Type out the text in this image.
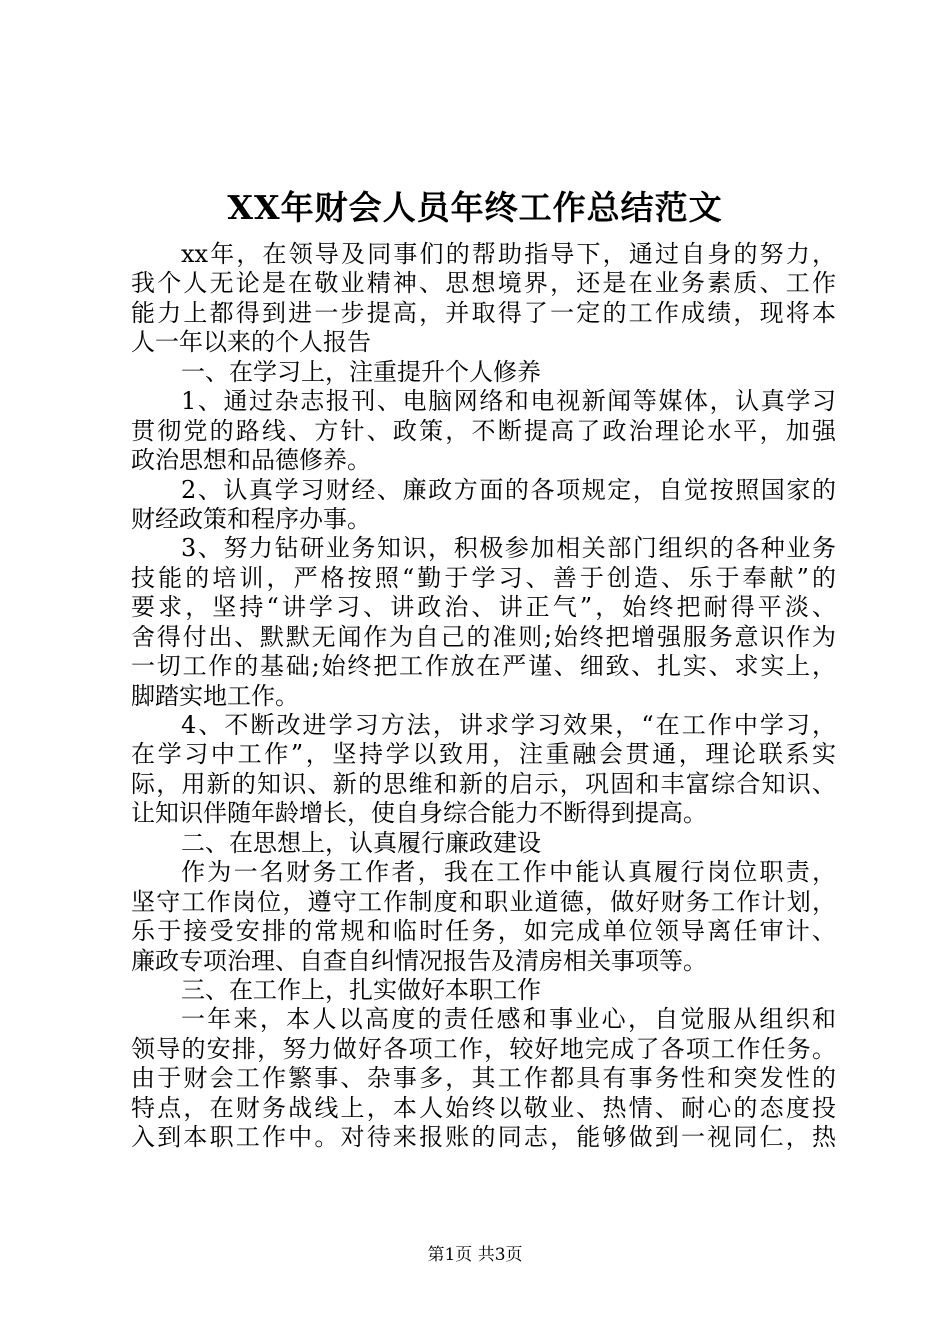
XX年财会人员年终工作总结范文
xx年，在领导及同事们的帮助指导下，通过自身的努力，
我个人无论是在敬业精神、思想境界，还是在业务素质、工作
能力上都得到进一步提高，并取得了一定的工作成绩，现将本
人一年以来的个人报告
一、在学习上，注重提升个人修养
1、通过杂志报刊、电脑网络和电视新闻等媒体，认真学习
贯彻党的路线、方针、政策，不断提高了政治理论水平，加强
政治思想和品德修养。
2、认真学习财经、廉政方面的各项规定，自觉按照国家的
财经政策和程序办事。
3、努力钻研业务知识，积极参加相关部门组织的各种业务
技能的培训，严格按照“勤于学习、善于创造、乐于奉献”的
要求，坚持“讲学习、讲政治、讲正气”，始终把耐得平淡、
舍得付出、默默无闻作为自己的准则;始终把增强服务意识作为
一切工作的基础;始终把工作放在严谨、细致、扎实、求实上，
脚踏实地工作。
4、不断改进学习方法，讲求学习效果，“在工作中学习，
在学习中工作”，坚持学以致用，注重融会贯通，理论联系实
际，用新的知识、新的思维和新的启示，巩固和丰富综合知识、
让知识伴随年龄增长，使自身综合能力不断得到提高。
二、在思想上，认真履行廉政建设
作为一名财务工作者，我在工作中能认真履行岗位职责，
坚守工作岗位，遵守工作制度和职业道德，做好财务工作计划，
乐于接受安排的常规和临时任务，如完成单位领导离任审计、
廉政专项治理、自查自纠情况报告及清房相关事项等。
三、在工作上，扎实做好本职工作
一年来，本人以高度的责任感和事业心，自觉服从组织和
领导的安排，努力做好各项工作，较好地完成了各项工作任务。
由于财会工作繁事、杂事多，其工作都具有事务性和突发性的
特点，在财务战线上，本人始终以敬业、热情、耐心的态度投
入到本职工作中。对待来报账的同志，能够做到一视同仁，热
第1页 共3页
